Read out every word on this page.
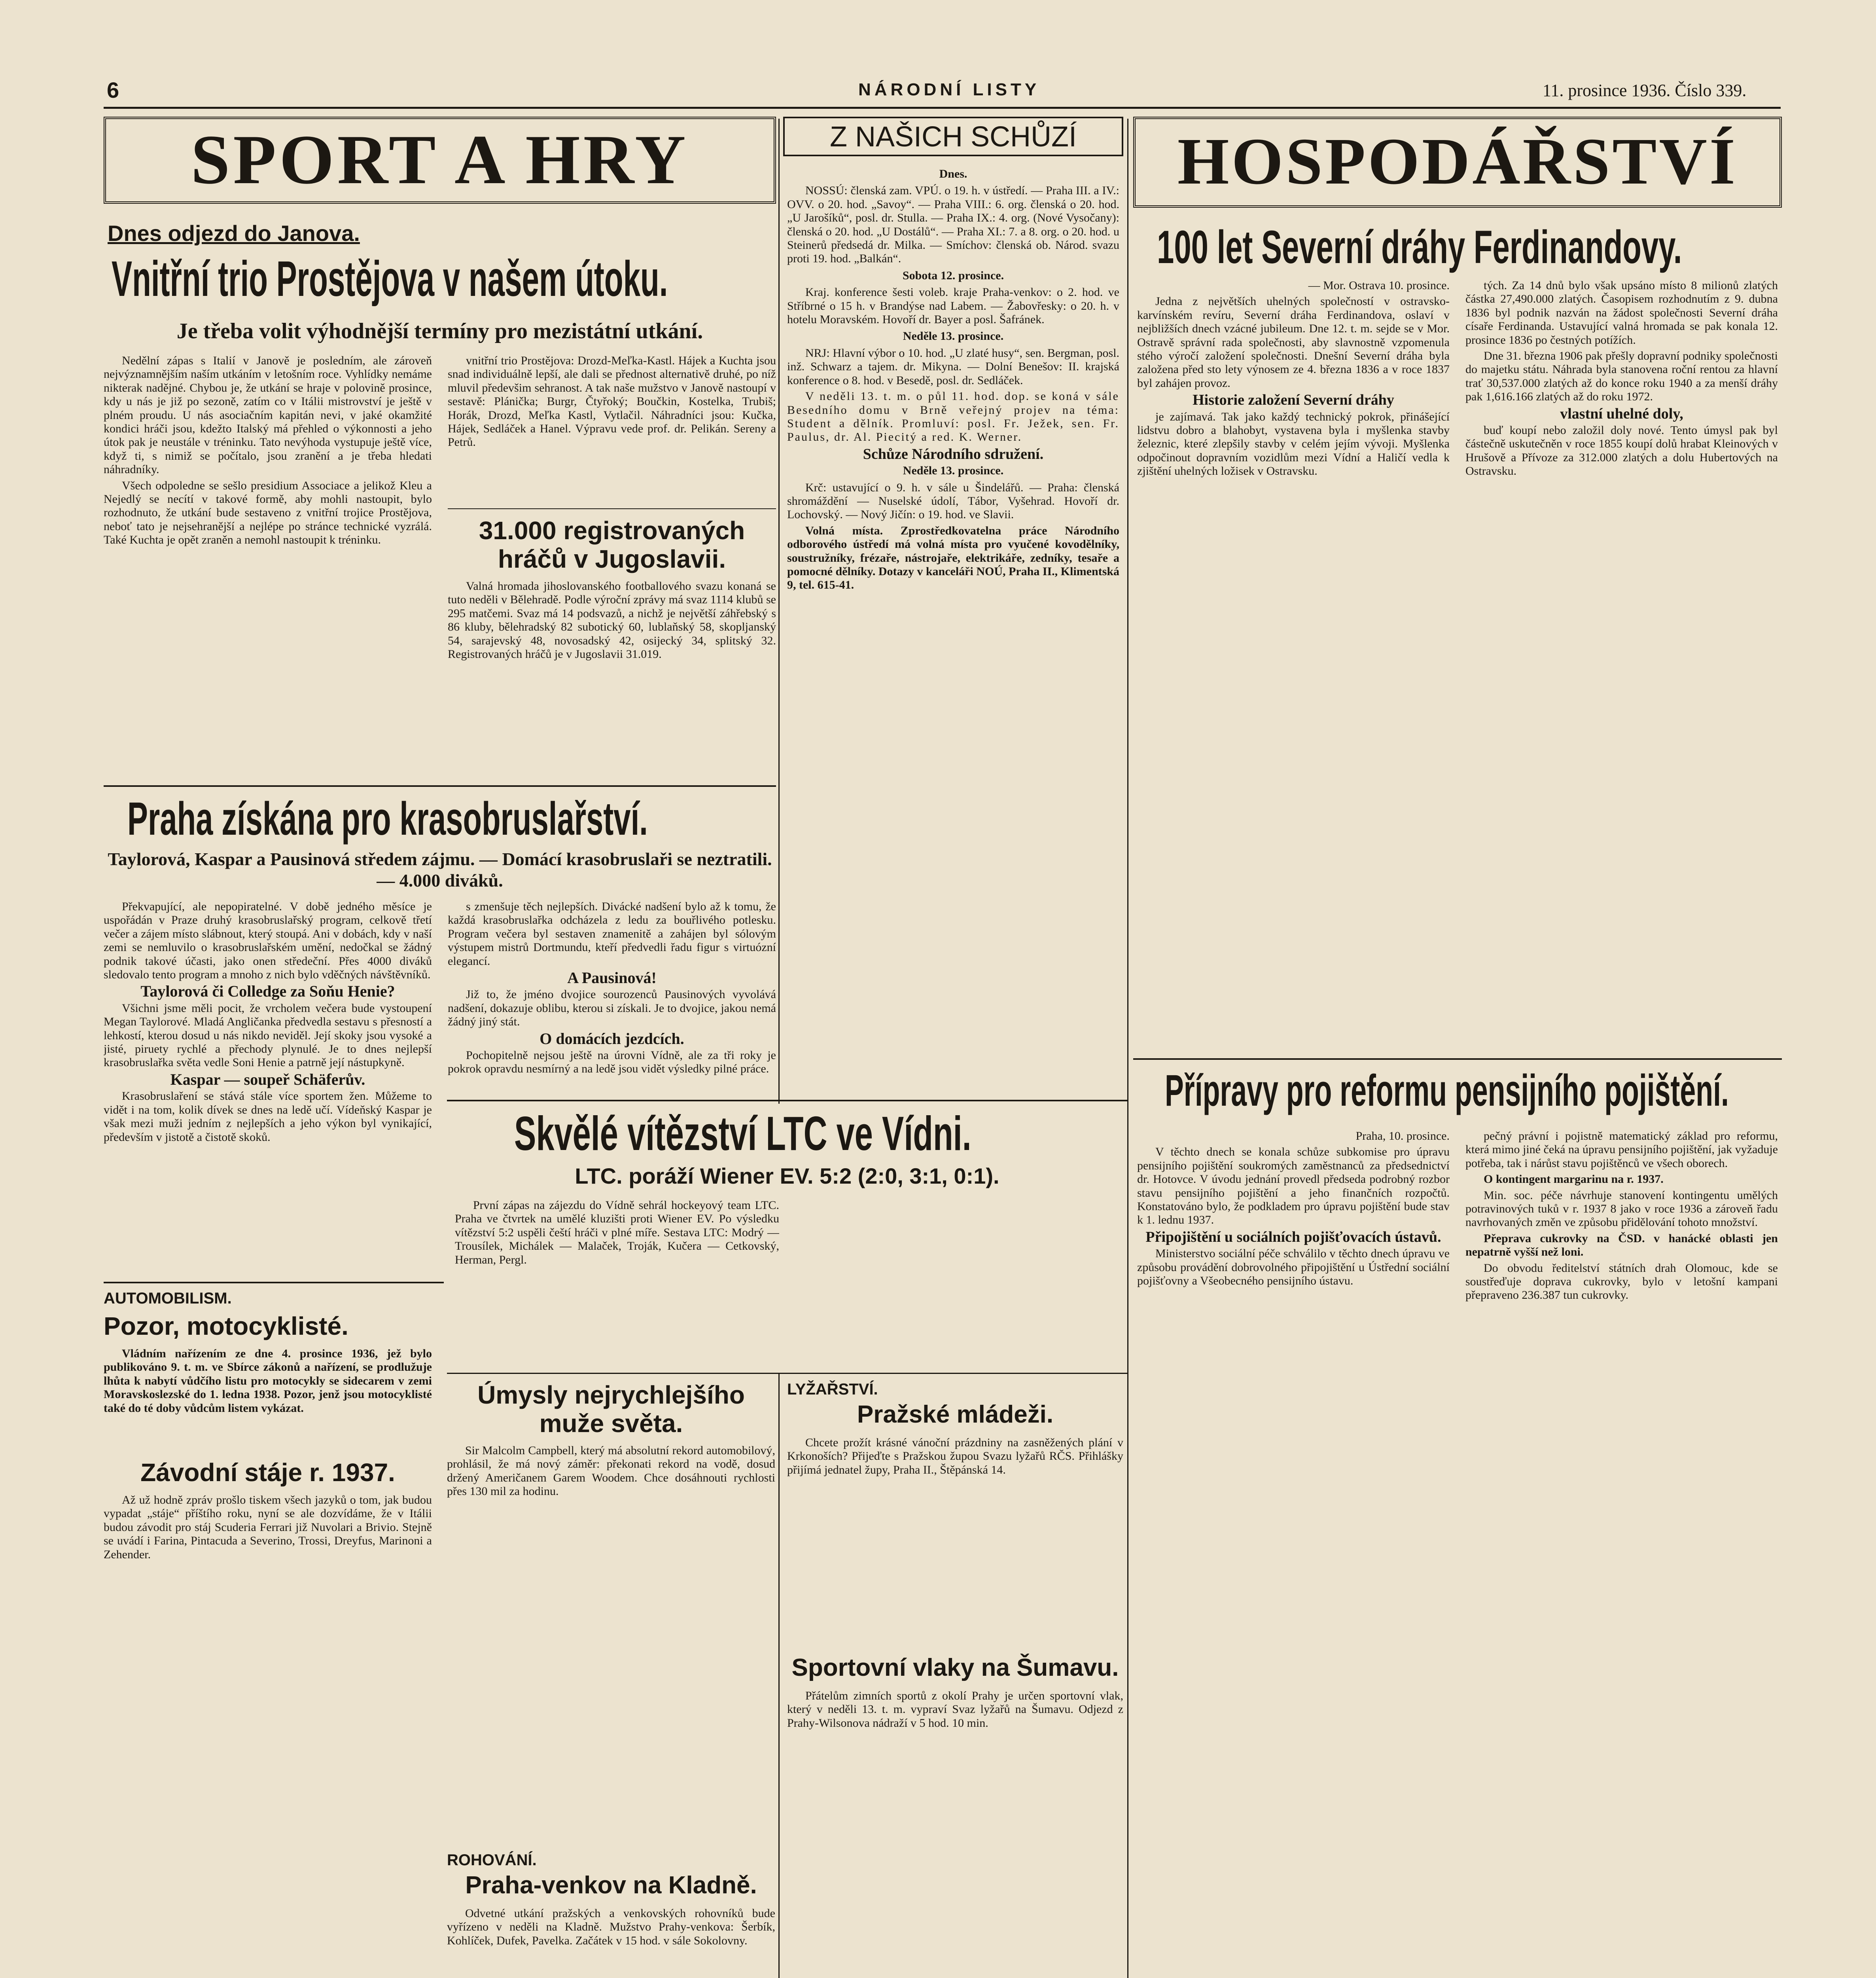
6	NÁRODNÍ LISTY	11. prosince 1936. Číslo 339.
SPORT A HRY
Dnes odjezd do Janova.
Vnitřní trio Prostějova v našem útoku.
Je třeba volit výhodnější termíny pro mezistátní utkání.

Nedělní zápas s Italií v Janově je posledním, ale zároveň nejvýznamnějším naším utkáním v letošním roce. Vyhlídky nemáme nikterak nadějné. Chybou je, že utkání se hraje v polovině prosince, kdy u nás je již po sezoně, zatím co v Itálii mistrovství je ještě v plném proudu. U nás asociačním kapitán nevi, v jaké okamžité kondici hráči jsou, kdežto Italský má přehled o výkonnosti a jeho útok pak je neustále v tréninku. Tato nevýhoda vystupuje ještě více, když ti, s nimiž se počítalo, jsou zranění a je třeba hledati náhradníky.

Všech odpoledne se sešlo presidium Associace a jelikož Kleu a Nejedlý se necítí v takové formě, aby mohli nastoupit, bylo rozhodnuto, že utkání bude sestaveno z vnitřní trojice Prostějova, neboť tato je nejsehranější a nejlépe po stránce technické vyzrálá. Také Kuchta je opět zraněn a nemohl nastoupit k tréninku.

vnitřní trio Prostějova: Drozd-Meľka-Kastl. Hájek a Kuchta jsou snad individuálně lepší, ale dali se přednost alternativě druhé, po níž mluvil předevšim sehranost. A tak naše mužstvo v Janově nastoupí v sestavě: Plánička; Burgr, Čtyřoký; Boučkin, Kostelka, Trubiš; Horák, Drozd, Meľka Kastl, Vytlačil. Náhradníci jsou: Kučka, Hájek, Sedláček a Hanel. Výpravu vede prof. dr. Pelikán. Sereny a Petrů.

31.000 registrovaných hráčů v Jugoslavii.

Valná hromada jihoslovanského footballového svazu konaná se tuto neděli v Bělehradě. Podle výroční zprávy má svaz 1114 klubů se 295 matčemi. Svaz má 14 podsvazů, a nichž je největší záhřebský s 86 kluby, bělehradský 82 subotický 60, lublaňský 58, skopljanský 54, sarajevský 48, novosadský 42, osijecký 34, splitský 32. Registrovaných hráčů je v Jugoslavii 31.019.

Praha získána pro krasobruslařství.
Taylorová, Kaspar a Pausinová středem zájmu. — Domácí krasobruslaři se neztratili. — 4.000 diváků.

Překvapující, ale nepopiratelné. V době jedného měsíce je uspořádán v Praze druhý krasobruslařský program, celkově třetí večer a zájem místo slábnout, který stoupá. Ani v dobách, kdy v naší zemi se nemluvilo o krasobruslařském umění, nedočkal se žádný podnik takové účasti, jako onen středeční. Přes 4000 diváků sledovalo tento program a mnoho z nich bylo vděčných návštěvníků.

Taylorová či Colledge za Soňu Henie?

Všichni jsme měli pocit, že vrcholem večera bude vystoupení Megan Taylorové. Mladá Angličanka předvedla sestavu s přesností a lehkostí, kterou dosud u nás nikdo neviděl. Její skoky jsou vysoké a jisté, piruety rychlé a přechody plynulé. Je to dnes nejlepší krasobruslařka světa vedle Soni Henie a patrně její nástupkyně.

Kaspar — soupeř Schäferův.

Krasobruslaření se stává stále více sportem žen. Můžeme to vidět i na tom, kolik dívek se dnes na ledě učí. Vídeňský Kaspar je však mezi muži jedním z nejlepších a jeho výkon byl vynikající, především v jistotě a čistotě skoků.

s zmenšuje těch nejlepších. Divácké nadšení bylo až k tomu, že každá krasobruslařka odcházela z ledu za bouřlivého potlesku. Program večera byl sestaven znamenitě a zahájen byl sólovým výstupem mistrů Dortmundu, kteří předvedli řadu figur s virtuózní elegancí.

A Pausinová!

Již to, že jméno dvojice sourozenců Pausinových vyvolává nadšení, dokazuje oblibu, kterou si získali. Je to dvojice, jakou nemá žádný jiný stát.

O domácích jezdcích.

Pochopitelně nejsou ještě na úrovni Vídně, ale za tři roky je pokrok opravdu nesmírný a na ledě jsou vidět výsledky pilné práce.

AUTOMOBILISM.
Pozor, motocyklisté.

Vládním nařízením ze dne 4. prosince 1936, jež bylo publikováno 9. t. m. ve Sbírce zákonů a nařízení, se prodlužuje lhůta k nabytí vůdčího listu pro motocykly se sidecarem v zemi Moravskoslezské do 1. ledna 1938. Pozor, jenž jsou motocyklisté také do té doby vůdcům listem vykázat.

Závodní stáje r. 1937.

Až už hodně zpráv prošlo tiskem všech jazyků o tom, jak budou vypadat „stáje“ příštího roku, nyní se ale dozvídáme, že v Itálii budou závodit pro stáj Scuderia Ferrari již Nuvolari a Brivio. Stejně se uvádí i Farina, Pintacuda a Severino, Trossi, Dreyfus, Marinoni a Zehender.

Z NAŠICH SCHŮZÍ

Dnes.

NOSSÚ: členská zam. VPÚ. o 19. h. v ústředí. — Praha III. a IV.: OVV. o 20. hod. „Savoy“. — Praha VIII.: 6. org. členská o 20. hod. „U Jarošíků“, posl. dr. Stulla. — Praha IX.: 4. org. (Nové Vysočany): členská o 20. hod. „U Dostálů“. — Praha XI.: 7. a 8. org. o 20. hod. u Steinerů předsedá dr. Milka. — Smíchov: členská ob. Národ. svazu proti 19. hod. „Balkán“.

Sobota 12. prosince.

Kraj. konference šesti voleb. kraje Praha-venkov: o 2. hod. ve Stříbrné o 15 h. v Brandýse nad Labem. — Žabovřesky: o 20. h. v hotelu Moravském. Hovoří dr. Bayer a posl. Šafránek.

Neděle 13. prosince.

NRJ: Hlavní výbor o 10. hod. „U zlaté husy“, sen. Bergman, posl. inž. Schwarz a tajem. dr. Mikyna. — Dolní Benešov: II. krajská konference o 8. hod. v Besedě, posl. dr. Sedláček.

V neděli 13. t. m. o půl 11. hod. dop. se koná v sále Besedního domu v Brně veřejný projev na téma: Student a dělník. Promluví: posl. Fr. Ježek, sen. Fr. Paulus, dr. Al. Piecitý a red. K. Werner.

Schůze Národního sdružení.

Neděle 13. prosince.

Krč: ustavující o 9. h. v sále u Šindelářů. — Praha: členská shromáždění — Nuselské údolí, Tábor, Vyšehrad. Hovoří dr. Lochovský. — Nový Jičín: o 19. hod. ve Slavii.

Volná místa. Zprostředkovatelna práce Národního odborového ústředí má volná místa pro vyučené kovodělníky, soustružníky, frézaře, nástrojaře, elektrikáře, zedníky, tesaře a pomocné dělníky. Dotazy v kanceláři NOÚ, Praha II., Klimentská 9, tel. 615-41.

Skvělé vítězství LTC ve Vídni.
LTC. poráží Wiener EV. 5:2 (2:0, 3:1, 0:1).

První zápas na zájezdu do Vídně sehrál hockeyový team LTC. Praha ve čtvrtek na umělé kluzišti proti Wiener EV. Po výsledku vítězství 5:2 uspěli čeští hráči v plné míře. Sestava LTC: Modrý — Trousílek, Michálek — Malaček, Troják, Kučera — Cetkovský, Herman, Pergl.

Úmysly nejrychlejšího muže světa.

Sir Malcolm Campbell, který má absolutní rekord automobilový, prohlásil, že má nový záměr: překonati rekord na vodě, dosud držený Američanem Garem Woodem. Chce dosáhnouti rychlosti přes 130 mil za hodinu.

ROHOVÁNÍ.
Praha-venkov na Kladně.

Odvetné utkání pražských a venkovských rohovníků bude vyřízeno v neděli na Kladně. Mužstvo Prahy-venkova: Šerbík, Kohlíček, Dufek, Pavelka. Začátek v 15 hod. v sále Sokolovny.

LYŽAŘSTVÍ.
Pražské mládeži.

Chcete prožít krásné vánoční prázdniny na zasněžených plání v Krkonoších? Přijeďte s Pražskou župou Svazu lyžařů RČS. Přihlášky přijímá jednatel župy, Praha II., Štěpánská 14.

Sportovní vlaky na Šumavu.

Přátelům zimních sportů z okolí Prahy je určen sportovní vlak, který v neděli 13. t. m. vypraví Svaz lyžařů na Šumavu. Odjezd z Prahy-Wilsonova nádraží v 5 hod. 10 min.

HOSPODÁŘSTVÍ
100 let Severní dráhy Ferdinandovy.

— Mor. Ostrava 10. prosince.

Jedna z největších uhelných společností v ostravsko-karvínském revíru, Severní dráha Ferdinandova, oslaví v nejbližších dnech vzácné jubileum. Dne 12. t. m. sejde se v Mor. Ostravě správní rada společnosti, aby slavnostně vzpomenula stého výročí založení společnosti. Dnešní Severní dráha byla založena před sto lety výnosem ze 4. března 1836 a v roce 1837 byl zahájen provoz.

Historie založení Severní dráhy

je zajímavá. Tak jako každý technický pokrok, přinášející lidstvu dobro a blahobyt, vystavena byla i myšlenka stavby železnic, které zlepšily stavby v celém jejím vývoji. Myšlenka odpočinout dopravním vozidlům mezi Vídní a Haličí vedla k zjištění uhelných ložisek v Ostravsku.

tých. Za 14 dnů bylo však upsáno místo 8 milionů zlatých částka 27,490.000 zlatých. Časopisem rozhodnutím z 9. dubna 1836 byl podnik nazván na žádost společnosti Severní dráha císaře Ferdinanda. Ustavující valná hromada se pak konala 12. prosince 1836 po čestných potížích.

Dne 31. března 1906 pak přešly dopravní podniky společnosti do majetku státu. Náhrada byla stanovena roční rentou za hlavní trať 30,537.000 zlatých až do konce roku 1940 a za menší dráhy pak 1,616.166 zlatých až do roku 1972.

vlastní uhelné doly,

buď koupí nebo založil doly nové. Tento úmysl pak byl částečně uskutečněn v roce 1855 koupí dolů hrabat Kleinových v Hrušově a Přívoze za 312.000 zlatých a dolu Hubertových na Ostravsku.

Přípravy pro reformu pensijního pojištění.

Praha, 10. prosince.

V těchto dnech se konala schůze subkomise pro úpravu pensijního pojištění soukromých zaměstnanců za předsednictví dr. Hotovce. V úvodu jednání provedl předseda podrobný rozbor stavu pensijního pojištění a jeho finančních rozpočtů. Konstatováno bylo, že podkladem pro úpravu pojištění bude stav k 1. lednu 1937.

Připojištění u sociálních pojišťovacích ústavů.

Ministerstvo sociální péče schválilo v těchto dnech úpravu ve způsobu provádění dobrovolného připojištění u Ústřední sociální pojišťovny a Všeobecného pensijního ústavu.

pečný právní i pojistně matematický základ pro reformu, která mimo jiné čeká na úpravu pensijního pojištění, jak vyžaduje potřeba, tak i nárůst stavu pojištěnců ve všech oborech.

O kontingent margarinu na r. 1937.

Min. soc. péče návrhuje stanovení kontingentu umělých potravinových tuků v r. 1937 8 jako v roce 1936 a zároveň řadu navrhovaných změn ve způsobu přidělování tohoto množství.

Přeprava cukrovky na ČSD. v hanácké oblasti jen nepatrně vyšší než loni.

Do obvodu ředitelství státních drah Olomouc, kde se soustřeďuje doprava cukrovky, bylo v letošní kampani přepraveno 236.387 tun cukrovky.
